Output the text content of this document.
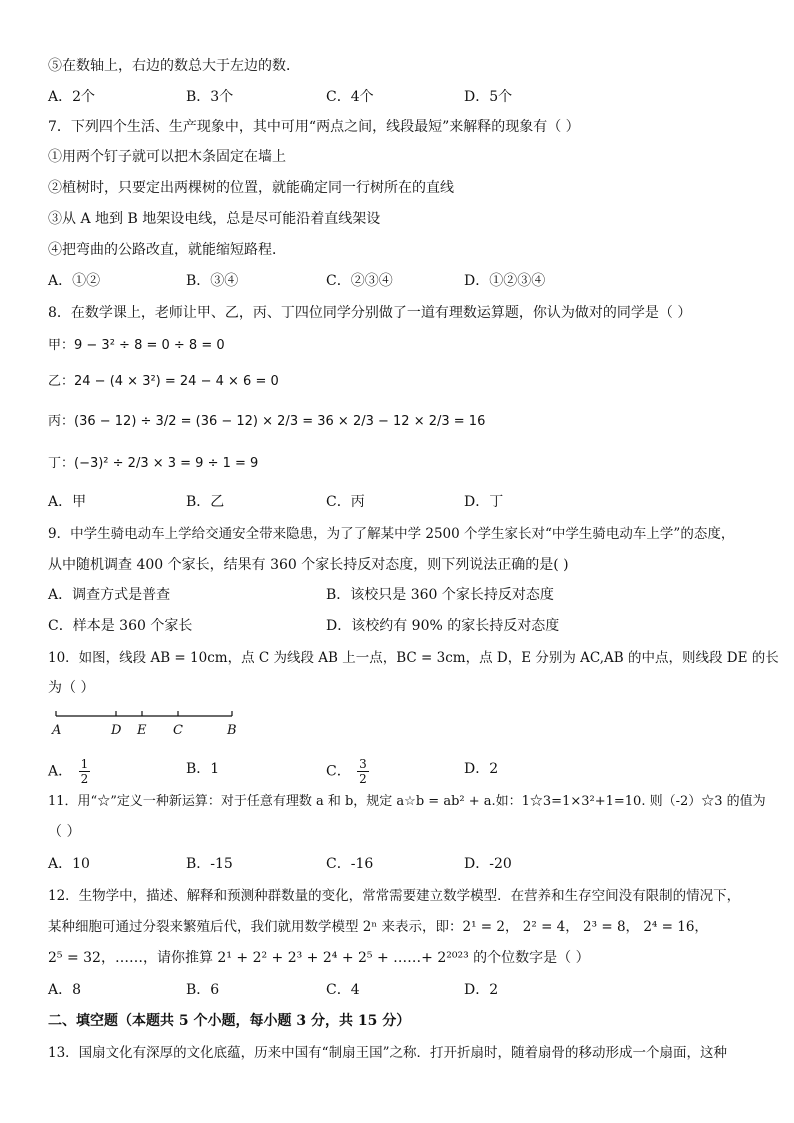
⑤在数轴上，右边的数总大于左边的数．
A．2个	B．3个	C．4个	D．5个
7．下列四个生活、生产现象中，其中可用“两点之间，线段最短”来解释的现象有（ ）
①用两个钉子就可以把木条固定在墙上
②植树时，只要定出两棵树的位置，就能确定同一行树所在的直线
③从 A 地到 B 地架设电线，总是尽可能沿着直线架设
④把弯曲的公路改直，就能缩短路程．
A．①②	B．③④	C．②③④	D．①②③④
8．在数学课上，老师让甲、乙，丙、丁四位同学分别做了一道有理数运算题，你认为做对的同学是（ ）
甲：9 − 3² ÷ 8 = 0 ÷ 8 = 0
乙：24 − (4 × 3²) = 24 − 4 × 6 = 0
丙：(36 − 12) ÷ 3/2 = (36 − 12) × 2/3 = 36 × 2/3 − 12 × 2/3 = 16
丁：(−3)² ÷ 2/3 × 3 = 9 ÷ 1 = 9
A．甲	B．乙	C．丙	D．丁
9．中学生骑电动车上学给交通安全带来隐患，为了了解某中学 2500 个学生家长对“中学生骑电动车上学”的态度，
从中随机调查 400 个家长，结果有 360 个家长持反对态度，则下列说法正确的是( )
A．调查方式是普查	B．该校只是 360 个家长持反对态度
C．样本是 360 个家长	D．该校约有 90% 的家长持反对态度
10．如图，线段 AB = 10cm，点 C 为线段 AB 上一点，BC = 3cm，点 D，E 分别为 AC,AB 的中点，则线段 DE 的长
为（ ）
A	D E C	B
A． $\frac{1}{2}$	B．1	C． $\frac{3}{2}$	D．2
11．用“☆”定义一种新运算：对于任意有理数 a 和 b，规定 a☆b = ab² + a.如：1☆3=1×3²+1=10. 则（-2）☆3 的值为
（ ）
A．10	B．-15	C．-16	D．-20
12．生物学中，描述、解释和预测种群数量的变化，常常需要建立数学模型．在营养和生存空间没有限制的情况下，
某种细胞可通过分裂来繁殖后代，我们就用数学模型 2ⁿ 来表示，即：2¹ = 2， 2² = 4， 2³ = 8， 2⁴ = 16，
2⁵ = 32，……，请你推算 2¹ + 2² + 2³ + 2⁴ + 2⁵ + ……+ 2²⁰²³ 的个位数字是（ ）
A．8	B．6	C．4	D．2
二、填空题（本题共 5 个小题，每小题 3 分，共 15 分）
13．国扇文化有深厚的文化底蕴，历来中国有“制扇王国”之称．打开折扇时，随着扇骨的移动形成一个扇面，这种
